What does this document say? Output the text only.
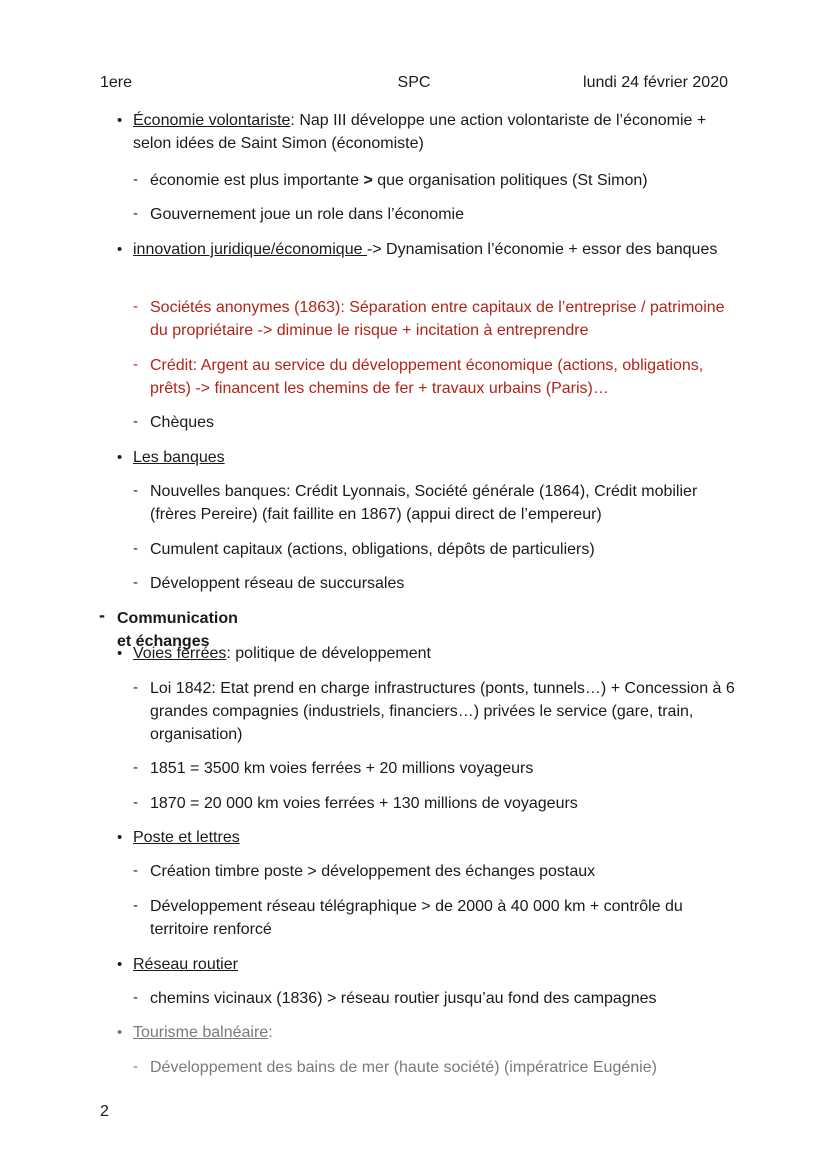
1ere	SPC	lundi 24 février 2020
• Économie volontariste: Nap III développe une action volontariste de l’économie + selon idées de Saint Simon (économiste)
- économie est plus importante > que organisation politiques (St Simon)
- Gouvernement joue un role dans l’économie
• innovation juridique/économique -> Dynamisation l’économie + essor des banques
- Sociétés anonymes (1863): Séparation entre capitaux de l’entreprise / patrimoine du propriétaire -> diminue le risque + incitation à entreprendre
- Crédit: Argent au service du développement économique (actions, obligations, prêts) -> financent les chemins de fer + travaux urbains (Paris)…
- Chèques
• Les banques
- Nouvelles banques: Crédit Lyonnais, Société générale (1864), Crédit mobilier (frères Pereire) (fait faillite en 1867) (appui direct de l’empereur)
- Cumulent capitaux (actions, obligations, dépôts de particuliers)
- Développent réseau de succursales
- Communication et échanges
• Voies ferrées: politique de développement
- Loi 1842: Etat prend en charge infrastructures (ponts, tunnels…) + Concession à 6 grandes compagnies (industriels, financiers…) privées le service (gare, train, organisation)
- 1851 = 3500 km voies ferrées + 20 millions voyageurs
- 1870 = 20 000 km voies ferrées + 130 millions de voyageurs
• Poste et lettres
- Création timbre poste > développement des échanges postaux
- Développement réseau télégraphique > de 2000 à 40 000 km + contrôle du territoire renforcé
• Réseau routier
- chemins vicinaux (1836) > réseau routier jusqu’au fond des campagnes
• Tourisme balnéaire:
- Développement des bains de mer (haute société) (impératrice Eugénie)
2
